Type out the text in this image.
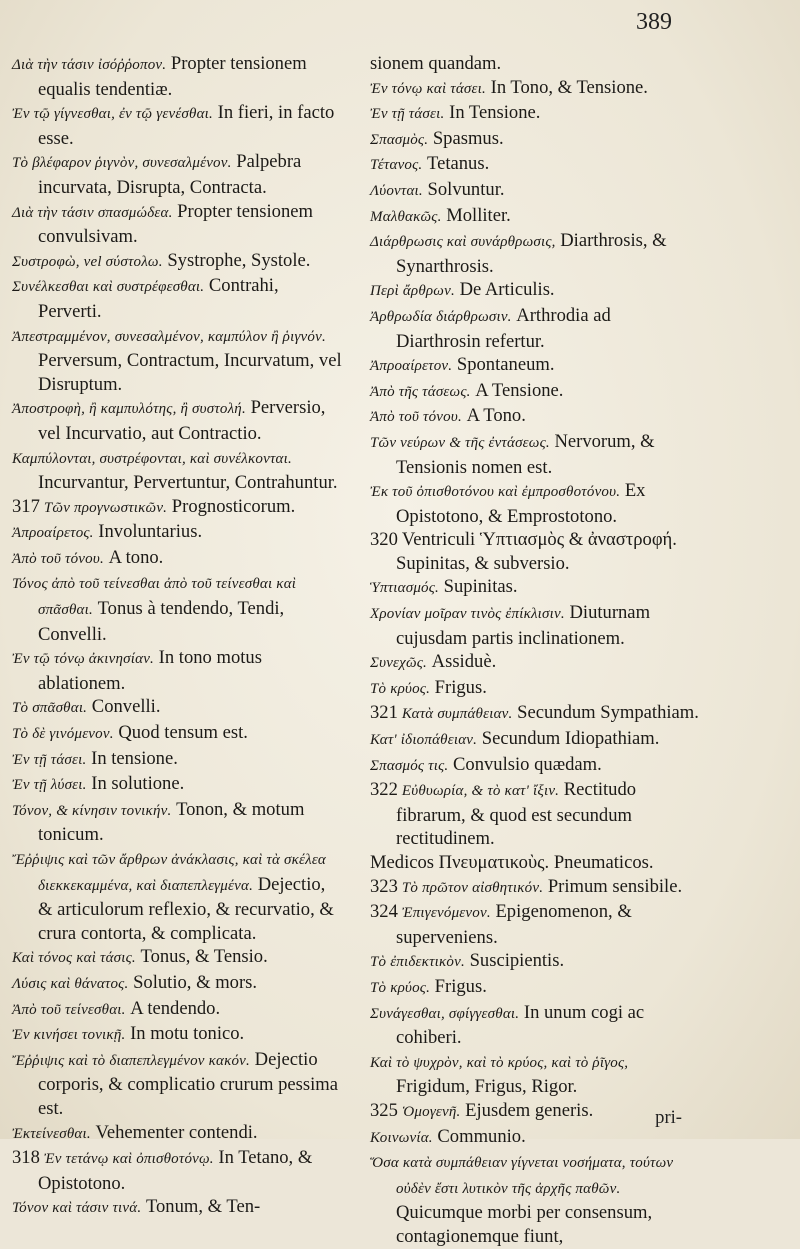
389
Διὰ τὴν τάσιν ἰσόῤῥοπον. Propter tensionem equalis tendentiæ.
Ἐν τῷ γίγνεσθαι, ἐν τῷ γενέσθαι. In fieri, in facto esse.
Τὸ βλέφαρον ῥιγνὸν, συνεσαλμένον. Palpebra incurvata, Disrupta, Contracta.
Διὰ τὴν τάσιν σπασμώδεα. Propter tensionem convulsivam.
Συστροφὼ, vel σύστολω. Systrophe, Systole.
Συνέλκεσθαι καὶ συστρέφεσθαι. Contrahi, Perverti.
Ἀπεστραμμένον, συνεσαλμένον, καμπύλον ἢ ῥιγνόν. Perversum, Contractum, Incurvatum, vel Disruptum.
Ἀποστροφὴ, ἢ καμπυλότης, ἢ συστολή. Perversio, vel Incurvatio, aut Contractio.
Καμπύλονται, συστρέφονται, καὶ συνέλκονται. Incurvantur, Pervertuntur, Contrahuntur.
317 Τῶν προγνωστικῶν. Prognosticorum.
Ἀπροαίρετος. Involuntarius.
Ἀπὸ τοῦ τόνου. A tono.
Τόνος ἀπὸ τοῦ τείνεσθαι ἀπὸ τοῦ τείνεσθαι καὶ σπᾶσθαι. Tonus à tendendo, Tendi, Convelli.
Ἐν τῷ τόνῳ ἀκινησίαν. In tono motus ablationem.
Τὸ σπᾶσθαι. Convelli.
Τὸ δὲ γινόμενον. Quod tensum est.
Ἐν τῇ τάσει. In tensione.
Ἐν τῇ λύσει. In solutione.
Τόνον, & κίνησιν τονικήν. Tonon, & motum tonicum.
Ἔῤῥιψις καὶ τῶν ἄρθρων ἀνάκλασις, καὶ τὰ σκέλεα διεκκεκαμμένα, καὶ διαπεπλεγμένα. Dejectio, & articulorum reflexio, & recurvatio, & crura contorta, & complicata.
Καὶ τόνος καὶ τάσις. Tonus, & Tensio.
Λύσις καὶ θάνατος. Solutio, & mors.
Ἀπὸ τοῦ τείνεσθαι. A tendendo.
Ἐν κινήσει τονικῇ. In motu tonico.
Ἔῤῥιψις καὶ τὸ διαπεπλεγμένον κακόν. Dejectio corporis, & complicatio crurum pessima est.
Ἐκτείνεσθαι. Vehementer contendi.
318 Ἐν τετάνῳ καὶ ὀπισθοτόνῳ. In Tetano, & Opistotono.
Τόνον καὶ τάσιν τινά. Tonum, & Ten-
sionem quandam.
Ἐν τόνῳ καὶ τάσει. In Tono, & Tensione.
Ἐν τῇ τάσει. In Tensione.
Σπασμὸς. Spasmus.
Τέτανος. Tetanus.
Λύονται. Solvuntur.
Μαλθακῶς. Molliter.
Διάρθρωσις καὶ συνάρθρωσις, Diarthrosis, & Synarthrosis.
Περὶ ἄρθρων. De Articulis.
Ἀρθρωδία διάρθρωσιν. Arthrodia ad Diarthrosin refertur.
Ἀπροαίρετον. Spontaneum.
Ἀπὸ τῆς τάσεως. A Tensione.
Ἀπὸ τοῦ τόνου. A Tono.
Τῶν νεύρων & τῆς ἐντάσεως. Nervorum, & Tensionis nomen est.
Ἐκ τοῦ ὀπισθοτόνου καὶ ἐμπροσθοτόνου. Ex Opistotono, & Emprostotono.
320 Ventriculi Ὑπτιασμὸς & ἀναστροφή. Supinitas, & subversio.
Ὑπτιασμός. Supinitas.
Χρονίαν μοῖραν τινὸς ἐπίκλισιν. Diuturnam cujusdam partis inclinationem.
Συνεχῶς. Assiduè.
Τὸ κρύος. Frigus.
321 Κατὰ συμπάθειαν. Secundum Sympathiam.
Κατ' ἰδιοπάθειαν. Secundum Idiopathiam.
Σπασμός τις. Convulsio quædam.
322 Εὐθυωρία, & τὸ κατ' ἴξιν. Rectitudo fibrarum, & quod est secundum rectitudinem.
Medicos Πνευματικοὺς. Pneumaticos.
323 Τὸ πρῶτον αἰσθητικόν. Primum sensibile.
324 Ἐπιγενόμενον. Epigenomenon, & superveniens.
Τὸ ἐπιδεκτικὸν. Suscipientis.
Τὸ κρύος. Frigus.
Συνάγεσθαι, σφίγγεσθαι. In unum cogi ac cohiberi.
Καὶ τὸ ψυχρὸν, καὶ τὸ κρύος, καὶ τὸ ῥῖγος, Frigidum, Frigus, Rigor.
325 Ὁμογενῆ. Ejusdem generis.
Κοινωνία. Communio.
Ὅσα κατὰ συμπάθειαν γίγνεται νοσήματα, τούτων οὐδὲν ἔστι λυτικὸν τῆς ἀρχῆς παθῶν. Quicumque morbi per consensum, contagionemque fiunt,
pri-
